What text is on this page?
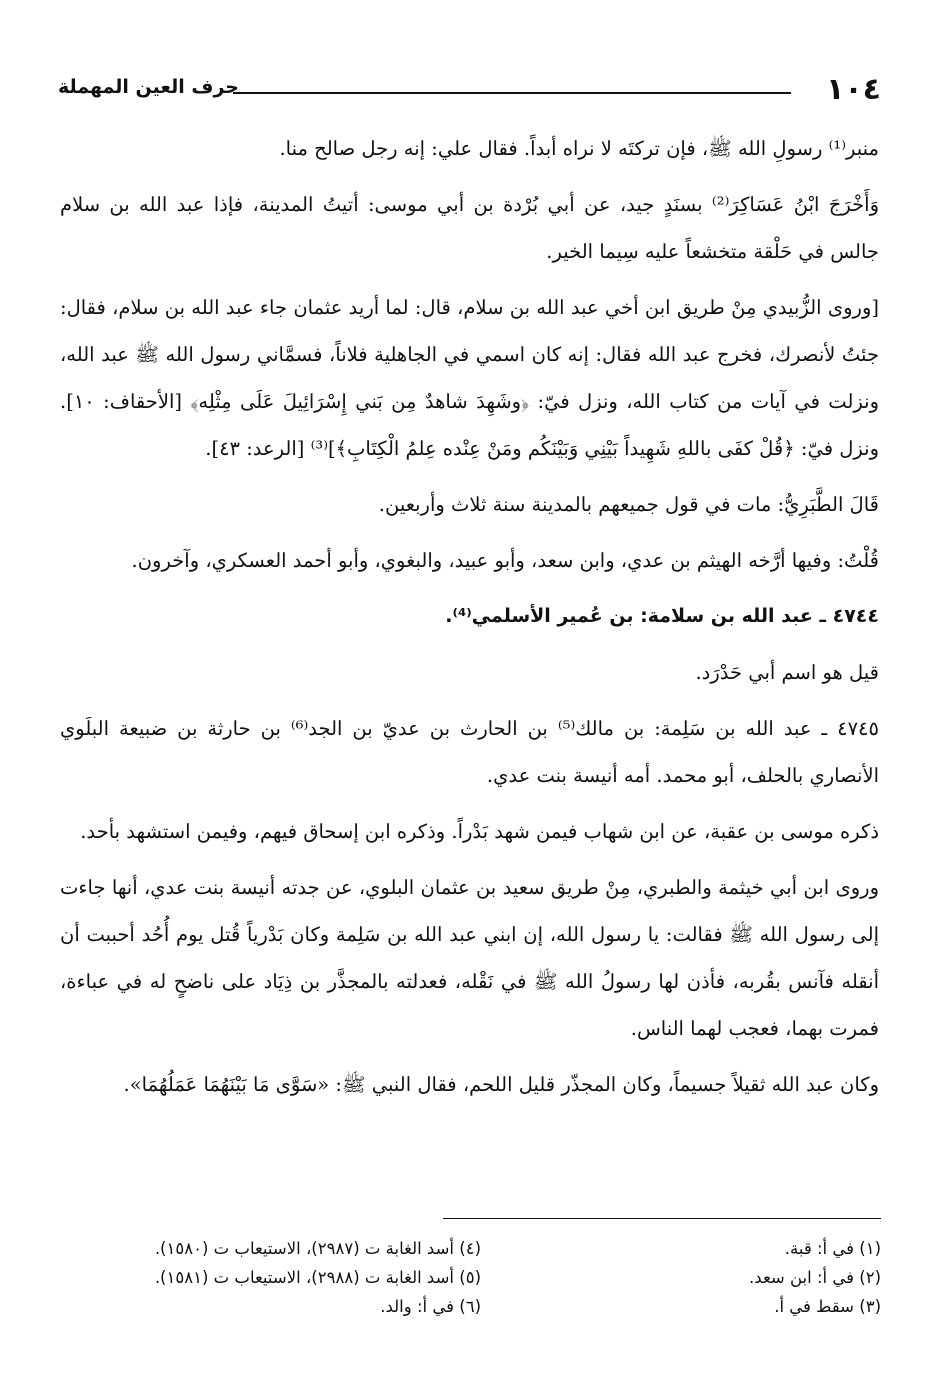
١٠٤
حرف العين المهملة

منبر⁽¹⁾ رسولِ الله ﷺ، فإن تركتَه لا نراه أبداً. فقال علي: إنه رجل صالح منا.

وَأَخْرَجَ ابْنُ عَسَاكِرَ⁽²⁾ بسنَدٍ جيد، عن أبي بُرْدة بن أبي موسى: أتيتُ المدينة، فإذا عبد الله بن سلام جالس في حَلْقة متخشعاً عليه سِيما الخير.

[وروى الزُّبيدي مِنْ طريق ابن أخي عبد الله بن سلام، قال: لما أريد عثمان جاء عبد الله بن سلام، فقال: جئتُ لأنصرك، فخرج عبد الله فقال: إنه كان اسمي في الجاهلية فلاناً، فسمَّاني رسول الله ﷺ عبد الله، ونزلت في آيات من كتاب الله، ونزل فيّ: ﴿وشَهِدَ شاهدٌ مِن بَني إِسْرَائِيلَ عَلَى مِثْلِه﴾ [الأحقاف: ١٠]. ونزل فيّ: ﴿قُلْ كفَى باللهِ شَهِيداً بَيْنِي وَبَيْنَكُم ومَنْ عِنْده عِلمُ الْكِتَابِ﴾]⁽³⁾ [الرعد: ٤٣].

قَالَ الطَّبَرِيُّ: مات في قول جميعهم بالمدينة سنة ثلاث وأربعين.

قُلْتُ: وفيها أرَّخه الهيثم بن عدي، وابن سعد، وأبو عبيد، والبغوي، وأبو أحمد العسكري، وآخرون.

٤٧٤٤ ـ عبد الله بن سلامة: بن عُمير الأسلمي⁽⁴⁾.

قيل هو اسم أبي حَدْرَد.

٤٧٤٥ ـ عبد الله بن سَلِمة: بن مالك⁽⁵⁾ بن الحارث بن عديّ بن الجد⁽⁶⁾ بن حارثة بن ضبيعة البلَوي الأنصاري بالحلف، أبو محمد. أمه أنيسة بنت عدي.

ذكره موسى بن عقبة، عن ابن شهاب فيمن شهد بَدْراً. وذكره ابن إسحاق فيهم، وفيمن استشهد بأحد.

وروى ابن أبي خيثمة والطبري، مِنْ طريق سعيد بن عثمان البلوي، عن جدته أنيسة بنت عدي، أنها جاءت إلى رسول الله ﷺ فقالت: يا رسول الله، إن ابني عبد الله بن سَلِمة وكان بَدْرياً قُتل يوم أُحُد أحببت أن أنقله فآنس بقُربه، فأذن لها رسولُ الله ﷺ في نَقْله، فعدلته بالمجذَّر بن ذِيَاد على ناضحٍ له في عباءة، فمرت بهما، فعجب لهما الناس.

وكان عبد الله ثقيلاً جسيماً، وكان المجذّر قليل اللحم، فقال النبي ﷺ: «سَوَّى مَا بَيْنَهُمَا عَمَلُهُمَا».

(١) في أ: قبة.
(٢) في أ: ابن سعد.
(٣) سقط في أ.
(٤) أسد الغابة ت (٢٩٨٧)، الاستيعاب ت (١٥٨٠).
(٥) أسد الغابة ت (٢٩٨٨)، الاستيعاب ت (١٥٨١).
(٦) في أ: والد.
